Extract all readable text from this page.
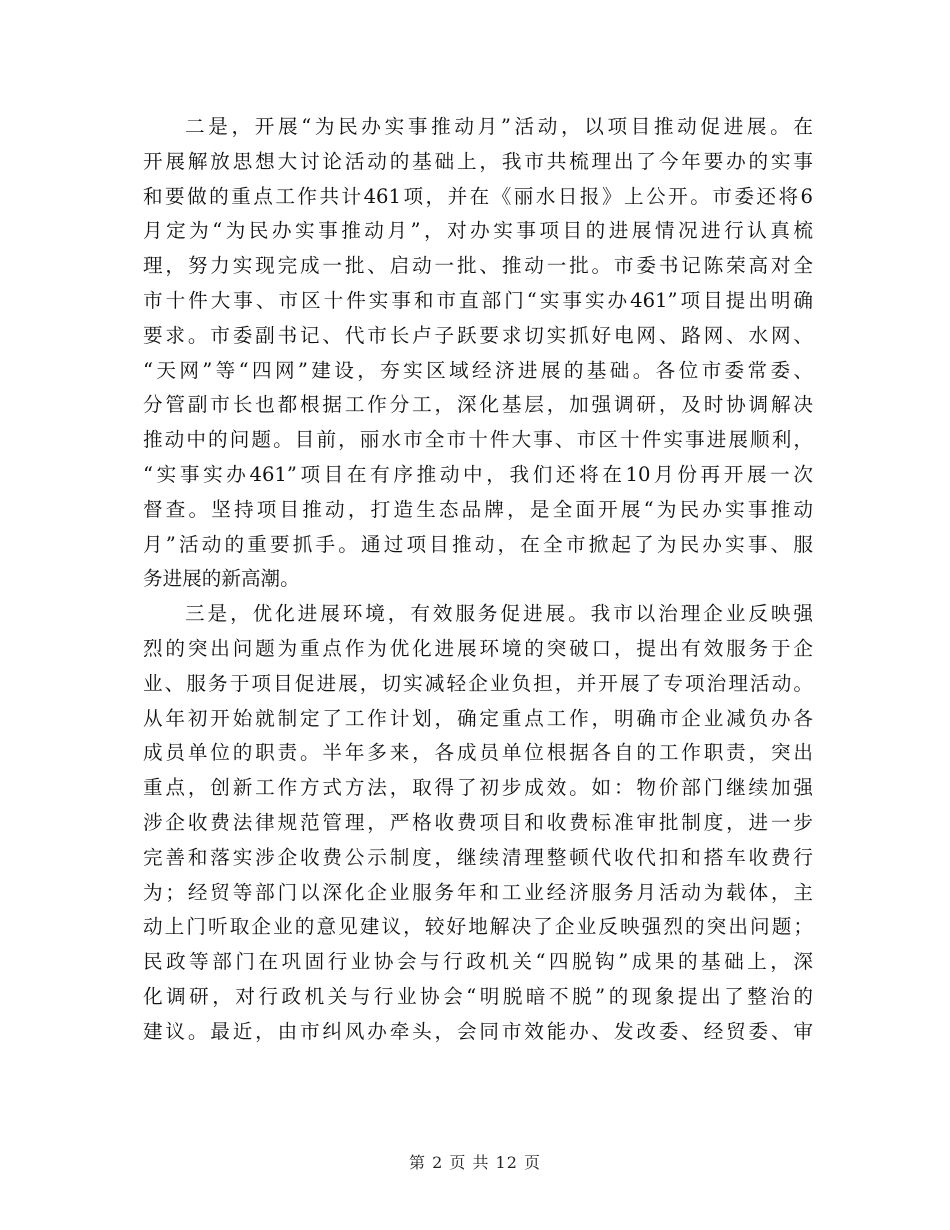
二是，开展“为民办实事推动月”活动，以项目推动促进展。在
开展解放思想大讨论活动的基础上，我市共梳理出了今年要办的实事
和要做的重点工作共计461项，并在《丽水日报》上公开。市委还将6
月定为“为民办实事推动月”，对办实事项目的进展情况进行认真梳
理，努力实现完成一批、启动一批、推动一批。市委书记陈荣高对全
市十件大事、市区十件实事和市直部门“实事实办461”项目提出明确
要求。市委副书记、代市长卢子跃要求切实抓好电网、路网、水网、
“天网”等“四网”建设，夯实区域经济进展的基础。各位市委常委、
分管副市长也都根据工作分工，深化基层，加强调研，及时协调解决
推动中的问题。目前，丽水市全市十件大事、市区十件实事进展顺利，
“实事实办461”项目在有序推动中，我们还将在10月份再开展一次
督查。坚持项目推动，打造生态品牌，是全面开展“为民办实事推动
月”活动的重要抓手。通过项目推动，在全市掀起了为民办实事、服
务进展的新高潮。
三是，优化进展环境，有效服务促进展。我市以治理企业反映强
烈的突出问题为重点作为优化进展环境的突破口，提出有效服务于企
业、服务于项目促进展，切实减轻企业负担，并开展了专项治理活动。
从年初开始就制定了工作计划，确定重点工作，明确市企业减负办各
成员单位的职责。半年多来，各成员单位根据各自的工作职责，突出
重点，创新工作方式方法，取得了初步成效。如：物价部门继续加强
涉企收费法律规范管理，严格收费项目和收费标准审批制度，进一步
完善和落实涉企收费公示制度，继续清理整顿代收代扣和搭车收费行
为；经贸等部门以深化企业服务年和工业经济服务月活动为载体，主
动上门听取企业的意见建议，较好地解决了企业反映强烈的突出问题；
民政等部门在巩固行业协会与行政机关“四脱钩”成果的基础上，深
化调研，对行政机关与行业协会“明脱暗不脱”的现象提出了整治的
建议。最近，由市纠风办牵头，会同市效能办、发改委、经贸委、审
第 2 页 共 12 页
